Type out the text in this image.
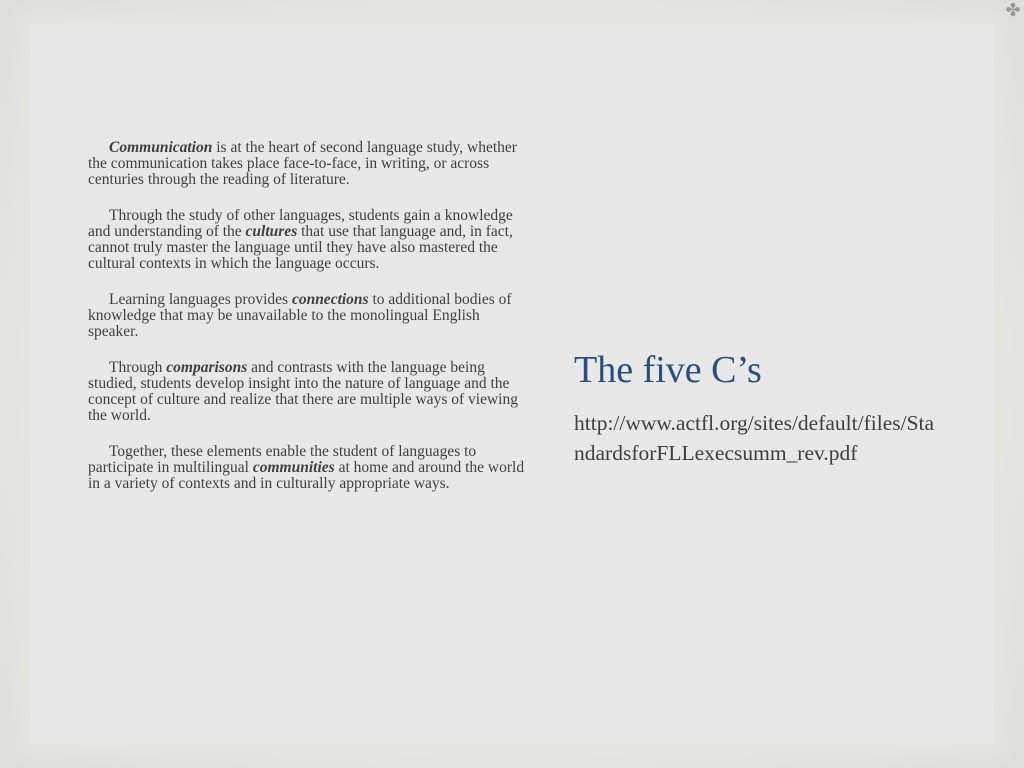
✤

Communication is at the heart of second language study, whether the communication takes place face-to-face, in writing, or across centuries through the reading of literature.

Through the study of other languages, students gain a knowledge and understanding of the cultures that use that language and, in fact, cannot truly master the language until they have also mastered the cultural contexts in which the language occurs.

Learning languages provides connections to additional bodies of knowledge that may be unavailable to the monolingual English speaker.

Through comparisons and contrasts with the language being studied, students develop insight into the nature of language and the concept of culture and realize that there are multiple ways of viewing the world.

Together, these elements enable the student of languages to participate in multilingual communities at home and around the world in a variety of contexts and in culturally appropriate ways.

The five C’s
http://www.actfl.org/sites/default/files/StandardsforFLLexecsumm_rev.pdf
